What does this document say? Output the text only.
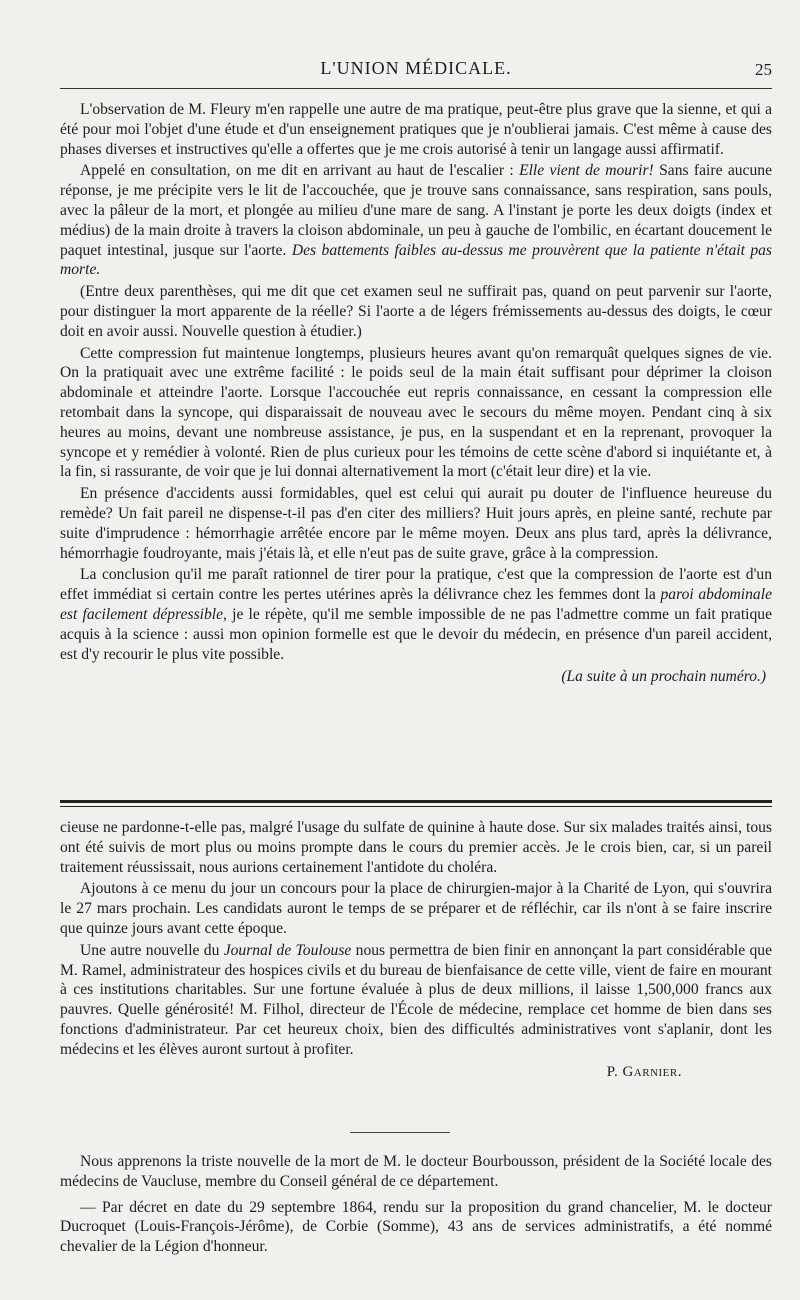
L'UNION MÉDICALE.	25

L'observation de M. Fleury m'en rappelle une autre de ma pratique, peut-être plus grave que la sienne, et qui a été pour moi l'objet d'une étude et d'un enseignement pratiques que je n'oublierai jamais. C'est même à cause des phases diverses et instructives qu'elle a offertes que je me crois autorisé à tenir un langage aussi affirmatif.

Appelé en consultation, on me dit en arrivant au haut de l'escalier : Elle vient de mourir! Sans faire aucune réponse, je me précipite vers le lit de l'accouchée, que je trouve sans connaissance, sans respiration, sans pouls, avec la pâleur de la mort, et plongée au milieu d'une mare de sang. A l'instant je porte les deux doigts (index et médius) de la main droite à travers la cloison abdominale, un peu à gauche de l'ombilic, en écartant doucement le paquet intestinal, jusque sur l'aorte. Des battements faibles au-dessus me prouvèrent que la patiente n'était pas morte.

(Entre deux parenthèses, qui me dit que cet examen seul ne suffirait pas, quand on peut parvenir sur l'aorte, pour distinguer la mort apparente de la réelle? Si l'aorte a de légers frémissements au-dessus des doigts, le cœur doit en avoir aussi. Nouvelle question à étudier.)

Cette compression fut maintenue longtemps, plusieurs heures avant qu'on remarquât quelques signes de vie. On la pratiquait avec une extrême facilité : le poids seul de la main était suffisant pour déprimer la cloison abdominale et atteindre l'aorte. Lorsque l'accouchée eut repris connaissance, en cessant la compression elle retombait dans la syncope, qui disparaissait de nouveau avec le secours du même moyen. Pendant cinq à six heures au moins, devant une nombreuse assistance, je pus, en la suspendant et en la reprenant, provoquer la syncope et y remédier à volonté. Rien de plus curieux pour les témoins de cette scène d'abord si inquiétante et, à la fin, si rassurante, de voir que je lui donnai alternativement la mort (c'était leur dire) et la vie.

En présence d'accidents aussi formidables, quel est celui qui aurait pu douter de l'influence heureuse du remède? Un fait pareil ne dispense-t-il pas d'en citer des milliers? Huit jours après, en pleine santé, rechute par suite d'imprudence : hémorrhagie arrêtée encore par le même moyen. Deux ans plus tard, après la délivrance, hémorrhagie foudroyante, mais j'étais là, et elle n'eut pas de suite grave, grâce à la compression.

La conclusion qu'il me paraît rationnel de tirer pour la pratique, c'est que la compression de l'aorte est d'un effet immédiat si certain contre les pertes utérines après la délivrance chez les femmes dont la paroi abdominale est facilement dépressible, je le répète, qu'il me semble impossible de ne pas l'admettre comme un fait pratique acquis à la science : aussi mon opinion formelle est que le devoir du médecin, en présence d'un pareil accident, est d'y recourir le plus vite possible.

(La suite à un prochain numéro.)

cieuse ne pardonne-t-elle pas, malgré l'usage du sulfate de quinine à haute dose. Sur six malades traités ainsi, tous ont été suivis de mort plus ou moins prompte dans le cours du premier accès. Je le crois bien, car, si un pareil traitement réussissait, nous aurions certainement l'antidote du choléra.

Ajoutons à ce menu du jour un concours pour la place de chirurgien-major à la Charité de Lyon, qui s'ouvrira le 27 mars prochain. Les candidats auront le temps de se préparer et de réfléchir, car ils n'ont à se faire inscrire que quinze jours avant cette époque.

Une autre nouvelle du Journal de Toulouse nous permettra de bien finir en annonçant la part considérable que M. Ramel, administrateur des hospices civils et du bureau de bienfaisance de cette ville, vient de faire en mourant à ces institutions charitables. Sur une fortune évaluée à plus de deux millions, il laisse 1,500,000 francs aux pauvres. Quelle générosité! M. Filhol, directeur de l'École de médecine, remplace cet homme de bien dans ses fonctions d'administrateur. Par cet heureux choix, bien des difficultés administratives vont s'aplanir, dont les médecins et les élèves auront surtout à profiter.

P. Garnier.

Nous apprenons la triste nouvelle de la mort de M. le docteur Bourbousson, président de la Société locale des médecins de Vaucluse, membre du Conseil général de ce département.

— Par décret en date du 29 septembre 1864, rendu sur la proposition du grand chancelier, M. le docteur Ducroquet (Louis-François-Jérôme), de Corbie (Somme), 43 ans de services administratifs, a été nommé chevalier de la Légion d'honneur.
